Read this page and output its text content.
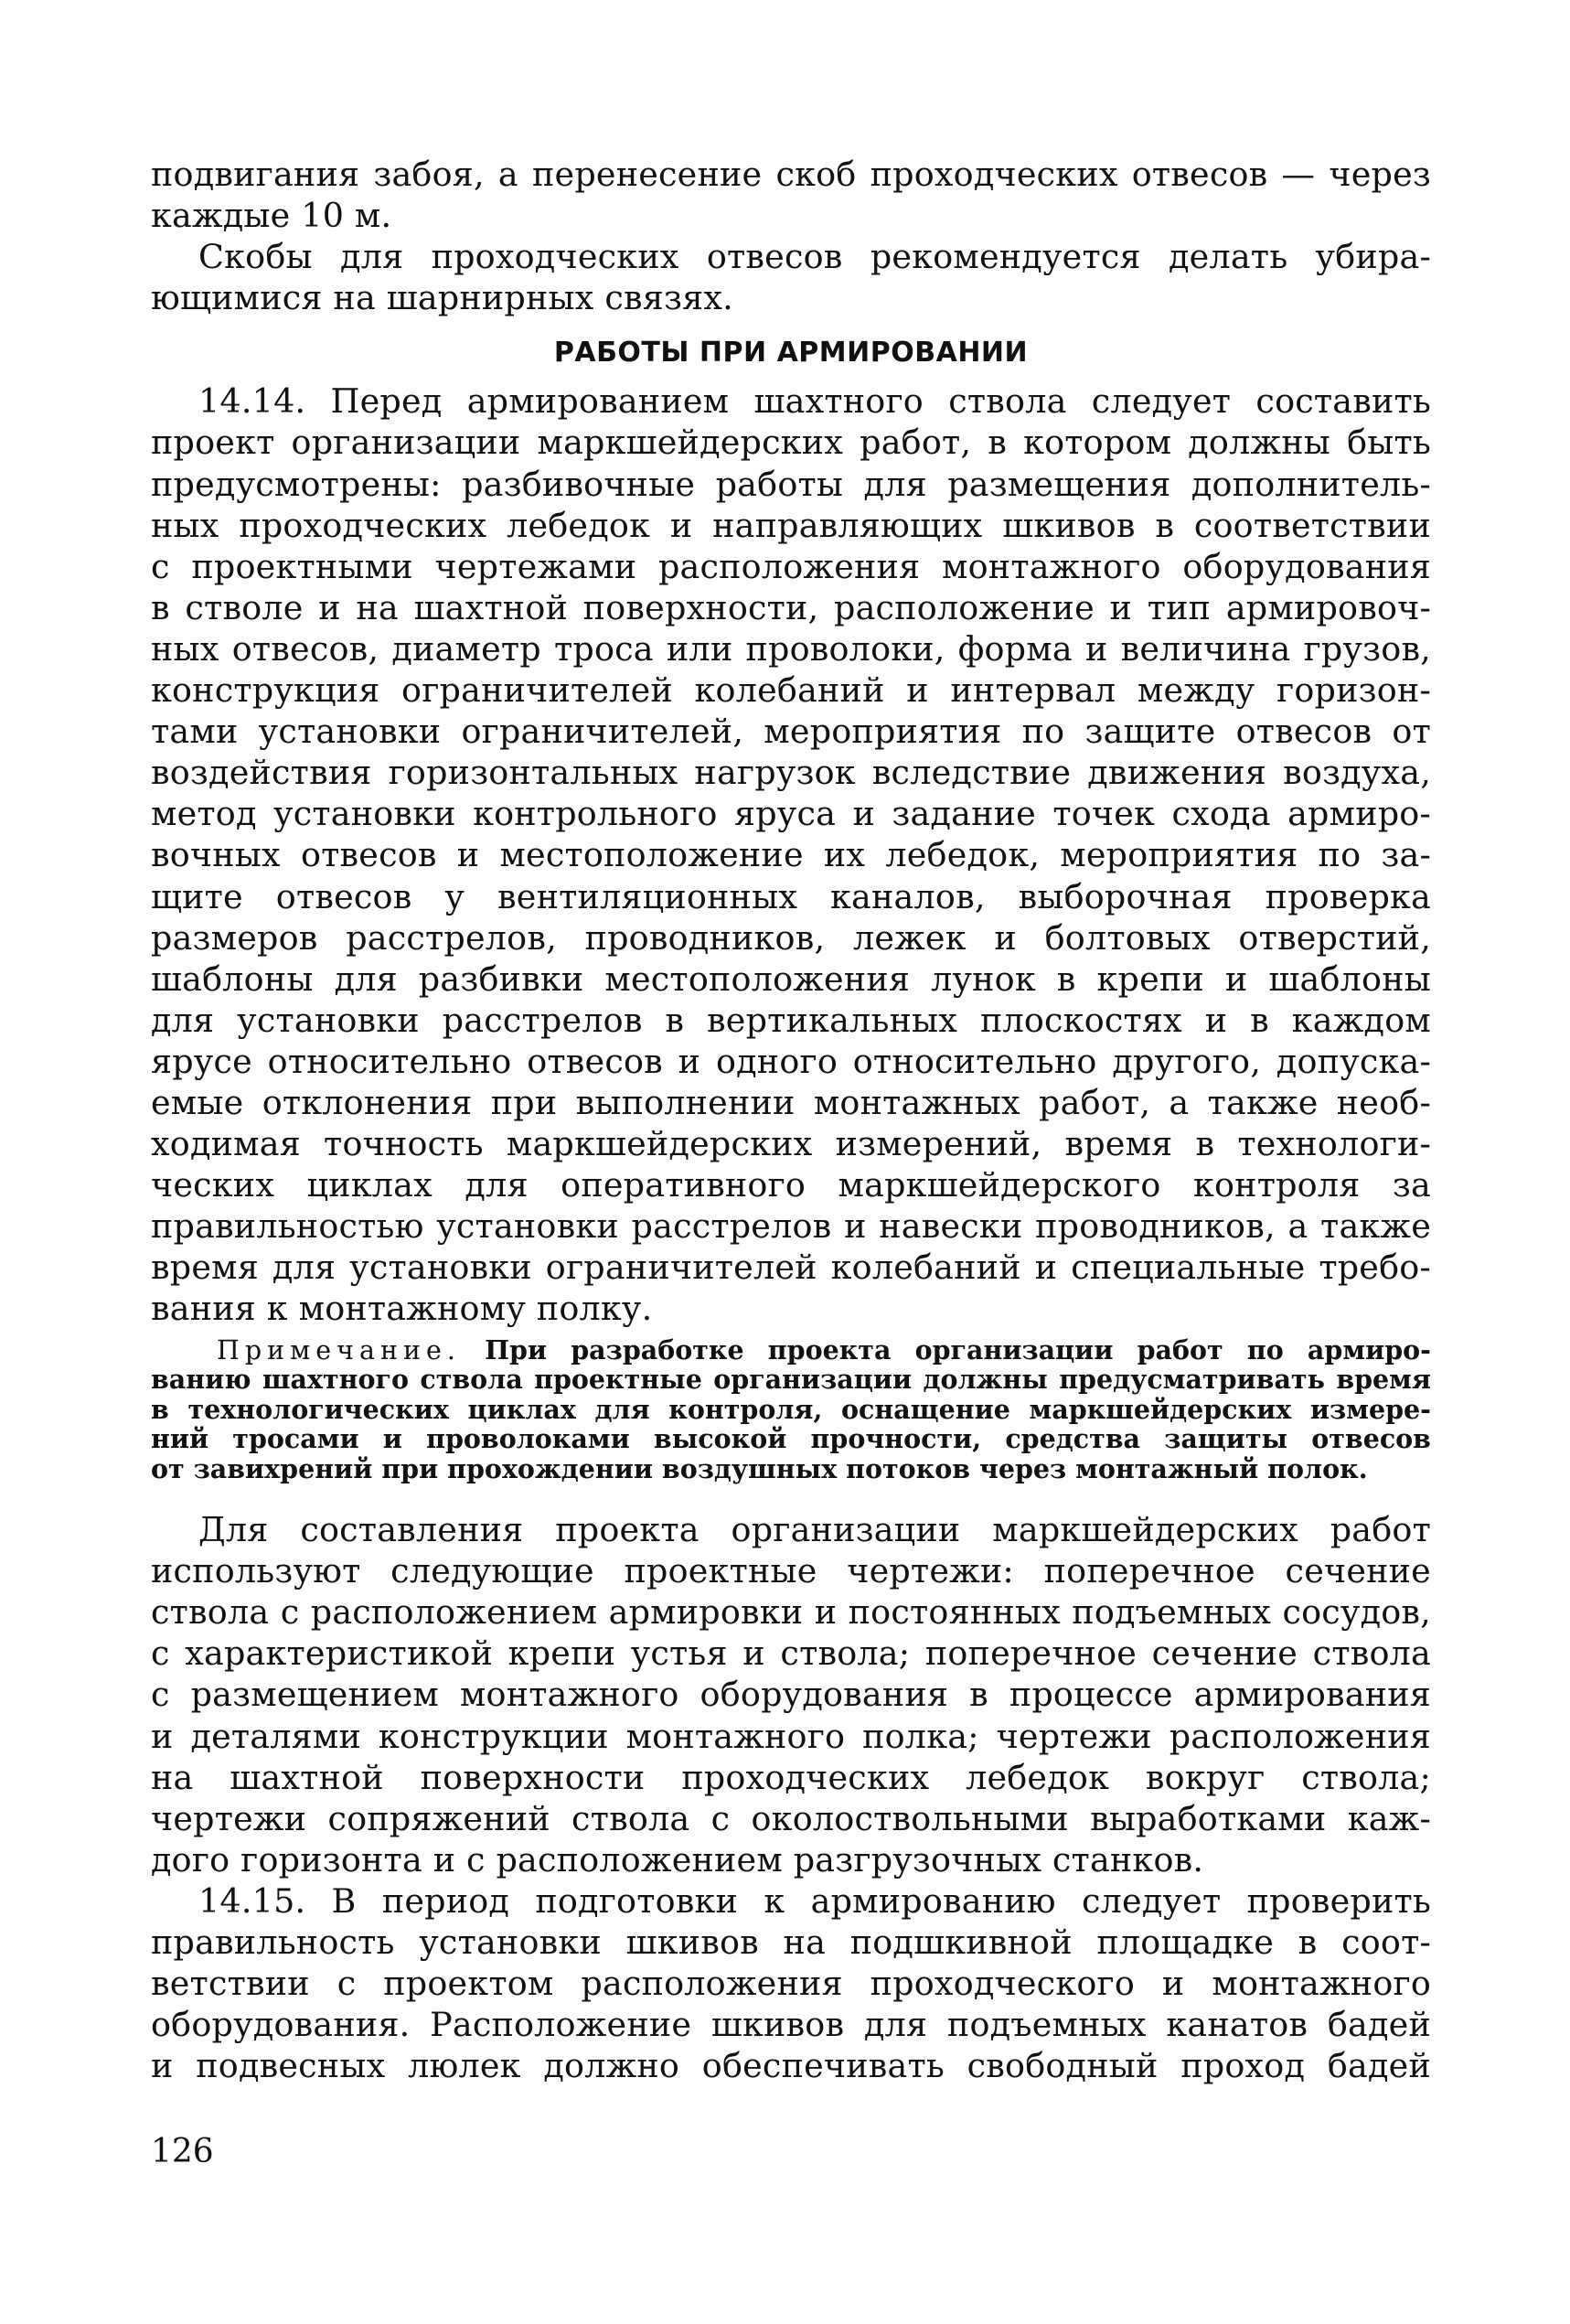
подвигания забоя, а перенесение скоб проходческих отвесов — через
каждые 10 м.
Скобы для проходческих отвесов рекомендуется делать убира-
ющимися на шарнирных связях.
РАБОТЫ ПРИ АРМИРОВАНИИ
14.14. Перед армированием шахтного ствола следует составить
проект организации маркшейдерских работ, в котором должны быть
предусмотрены: разбивочные работы для размещения дополнитель-
ных проходческих лебедок и направляющих шкивов в соответствии
с проектными чертежами расположения монтажного оборудования
в стволе и на шахтной поверхности, расположение и тип армировоч-
ных отвесов, диаметр троса или проволоки, форма и величина грузов,
конструкция ограничителей колебаний и интервал между горизон-
тами установки ограничителей, мероприятия по защите отвесов от
воздействия горизонтальных нагрузок вследствие движения воздуха,
метод установки контрольного яруса и задание точек схода армиро-
вочных отвесов и местоположение их лебедок, мероприятия по за-
щите отвесов у вентиляционных каналов, выборочная проверка
размеров расстрелов, проводников, лежек и болтовых отверстий,
шаблоны для разбивки местоположения лунок в крепи и шаблоны
для установки расстрелов в вертикальных плоскостях и в каждом
ярусе относительно отвесов и одного относительно другого, допуска-
емые отклонения при выполнении монтажных работ, а также необ-
ходимая точность маркшейдерских измерений, время в технологи-
ческих циклах для оперативного маркшейдерского контроля за
правильностью установки расстрелов и навески проводников, а также
время для установки ограничителей колебаний и специальные требо-
вания к монтажному полку.
Примечание. При разработке проекта организации работ по армиро-
ванию шахтного ствола проектные организации должны предусматривать время
в технологических циклах для контроля, оснащение маркшейдерских измере-
ний тросами и проволоками высокой прочности, средства защиты отвесов
от завихрений при прохождении воздушных потоков через монтажный полок.
Для составления проекта организации маркшейдерских работ
используют следующие проектные чертежи: поперечное сечение
ствола с расположением армировки и постоянных подъемных сосудов,
с характеристикой крепи устья и ствола; поперечное сечение ствола
с размещением монтажного оборудования в процессе армирования
и деталями конструкции монтажного полка; чертежи расположения
на шахтной поверхности проходческих лебедок вокруг ствола;
чертежи сопряжений ствола с околоствольными выработками каж-
дого горизонта и с расположением разгрузочных станков.
14.15. В период подготовки к армированию следует проверить
правильность установки шкивов на подшкивной площадке в соот-
ветствии с проектом расположения проходческого и монтажного
оборудования. Расположение шкивов для подъемных канатов бадей
и подвесных люлек должно обеспечивать свободный проход бадей
126
